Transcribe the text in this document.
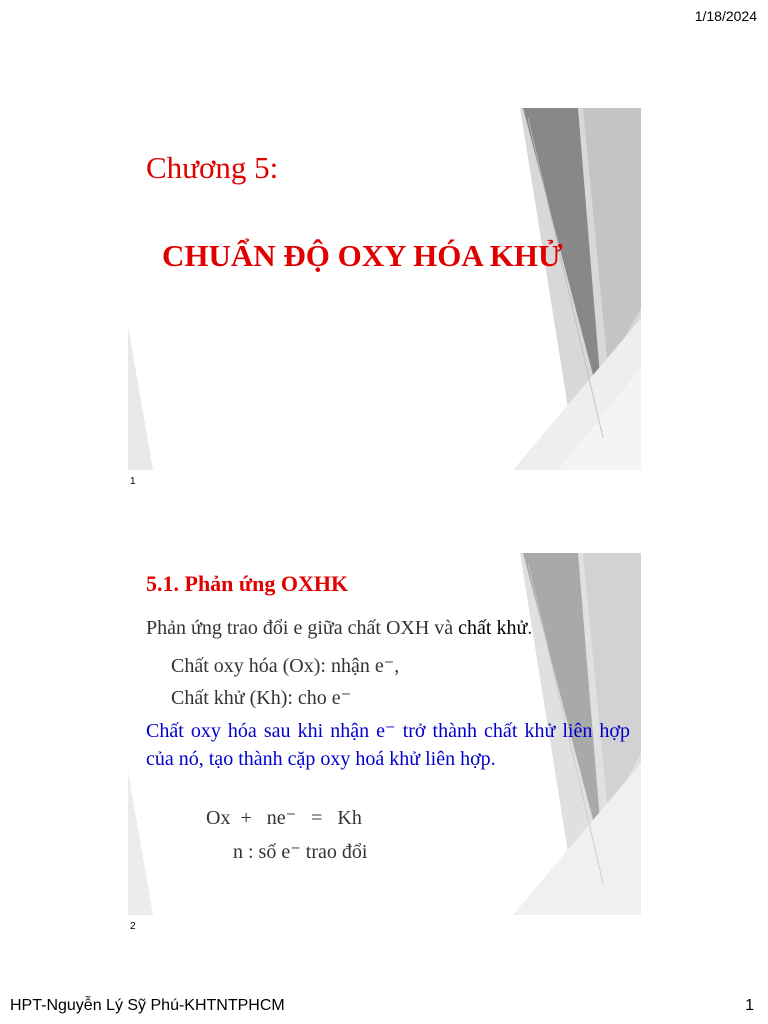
1/18/2024
Chương 5:
CHUẨN ĐỘ OXY HÓA KHỬ
1
5.1. Phản ứng OXHK
Phản ứng trao đổi e giữa chất OXH và chất khử.
Chất oxy hóa (Ox): nhận e⁻,
Chất khử (Kh): cho e⁻
Chất oxy hóa sau khi nhận e⁻ trở thành chất khử liên hợp của nó, tạo thành cặp oxy hoá khử liên hợp.
Ox  +   ne⁻   =   Kh
n : số e⁻ trao đổi
2
HPT-Nguyễn Lý Sỹ Phú-KHTNTPHCM	1
